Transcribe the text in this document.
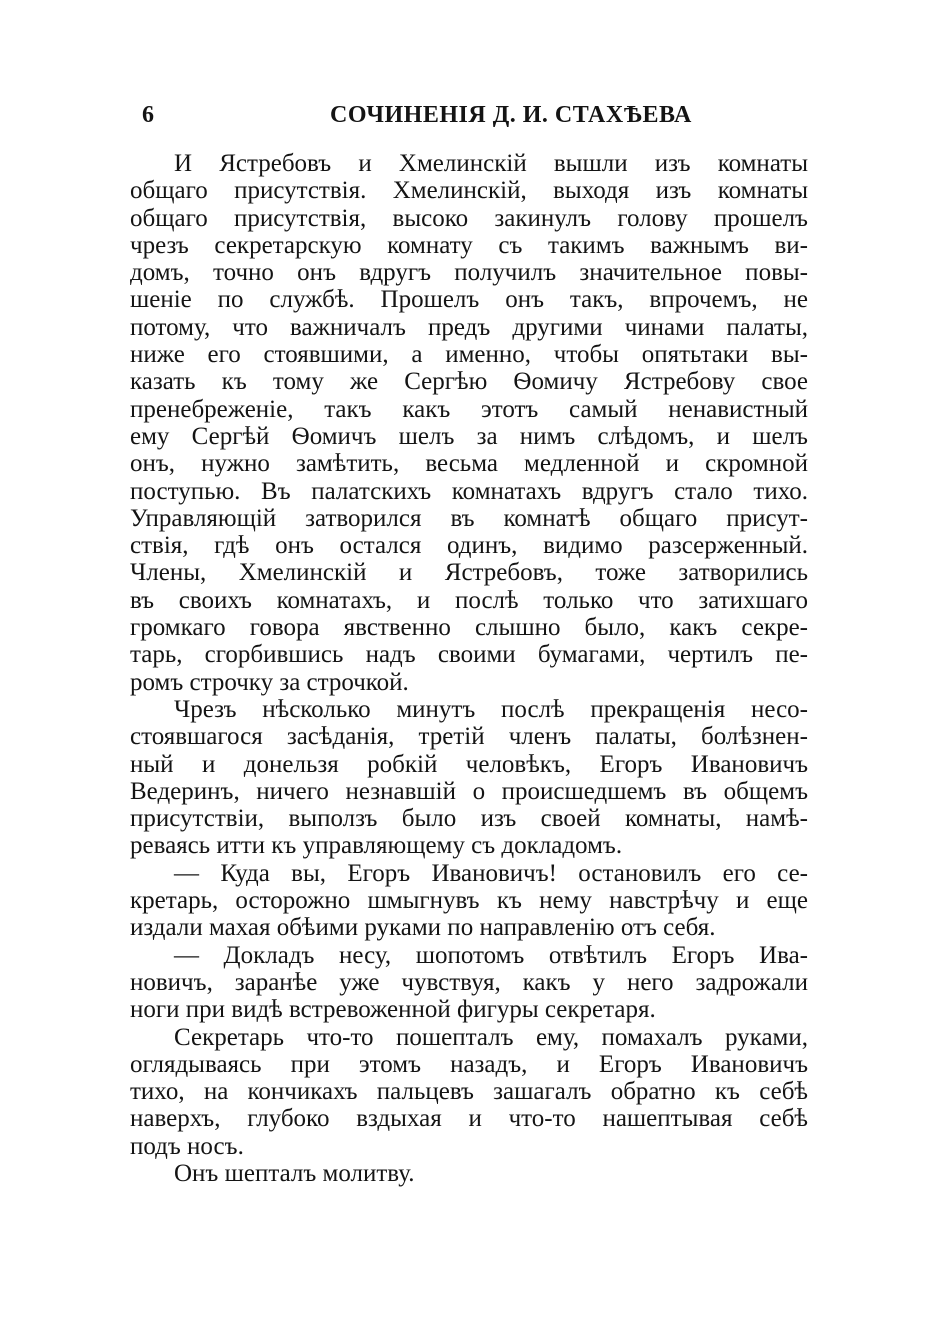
6	СОЧИНЕНІЯ Д. И. СТАХѢЕВА
И Ястребовъ и Хмелинскій вышли изъ комнаты
общаго присутствія. Хмелинскій, выходя изъ комнаты
общаго присутствія, высоко закинулъ голову прошелъ
чрезъ секретарскую комнату съ такимъ важнымъ ви-
домъ, точно онъ вдругъ получилъ значительное повы-
шеніе по службѣ. Прошелъ онъ такъ, впрочемъ, не
потому, что важничалъ предъ другими чинами палаты,
ниже его стоявшими, а именно, чтобы опятьтаки вы-
казать къ тому же Сергѣю Ѳомичу Ястребову свое
пренебреженіе, такъ какъ этотъ самый ненавистный
ему Сергѣй Ѳомичъ шелъ за нимъ слѣдомъ, и шелъ
онъ, нужно замѣтить, весьма медленной и скромной
поступью. Въ палатскихъ комнатахъ вдругъ стало тихо.
Управляющій затворился въ комнатѣ общаго присут-
ствія, гдѣ онъ остался одинъ, видимо разсерженный.
Члены, Хмелинскій и Ястребовъ, тоже затворились
въ своихъ комнатахъ, и послѣ только что затихшаго
громкаго говора явственно слышно было, какъ секре-
тарь, сгорбившись надъ своими бумагами, чертилъ пе-
ромъ строчку за строчкой.
Чрезъ нѣсколько минутъ послѣ прекращенія несо-
стоявшагося засѣданія, третій членъ палаты, болѣзнен-
ный и донельзя робкій человѣкъ, Егоръ Ивановичъ
Ведеринъ, ничего незнавшій о происшедшемъ въ общемъ
присутствіи, выползъ было изъ своей комнаты, намѣ-
реваясь итти къ управляющему съ докладомъ.
— Куда вы, Егоръ Ивановичъ! остановилъ его се-
кретарь, осторожно шмыгнувъ къ нему навстрѣчу и еще
издали махая обѣими руками по направленію отъ себя.
— Докладъ несу, шопотомъ отвѣтилъ Егоръ Ива-
новичъ, заранѣе уже чувствуя, какъ у него задрожали
ноги при видѣ встревоженной фигуры секретаря.
Секретарь что-то пошепталъ ему, помахалъ руками,
оглядываясь при этомъ назадъ, и Егоръ Ивановичъ
тихо, на кончикахъ пальцевъ зашагалъ обратно къ себѣ
наверхъ, глубоко вздыхая и что-то нашептывая себѣ
подъ носъ.
Онъ шепталъ молитву.
